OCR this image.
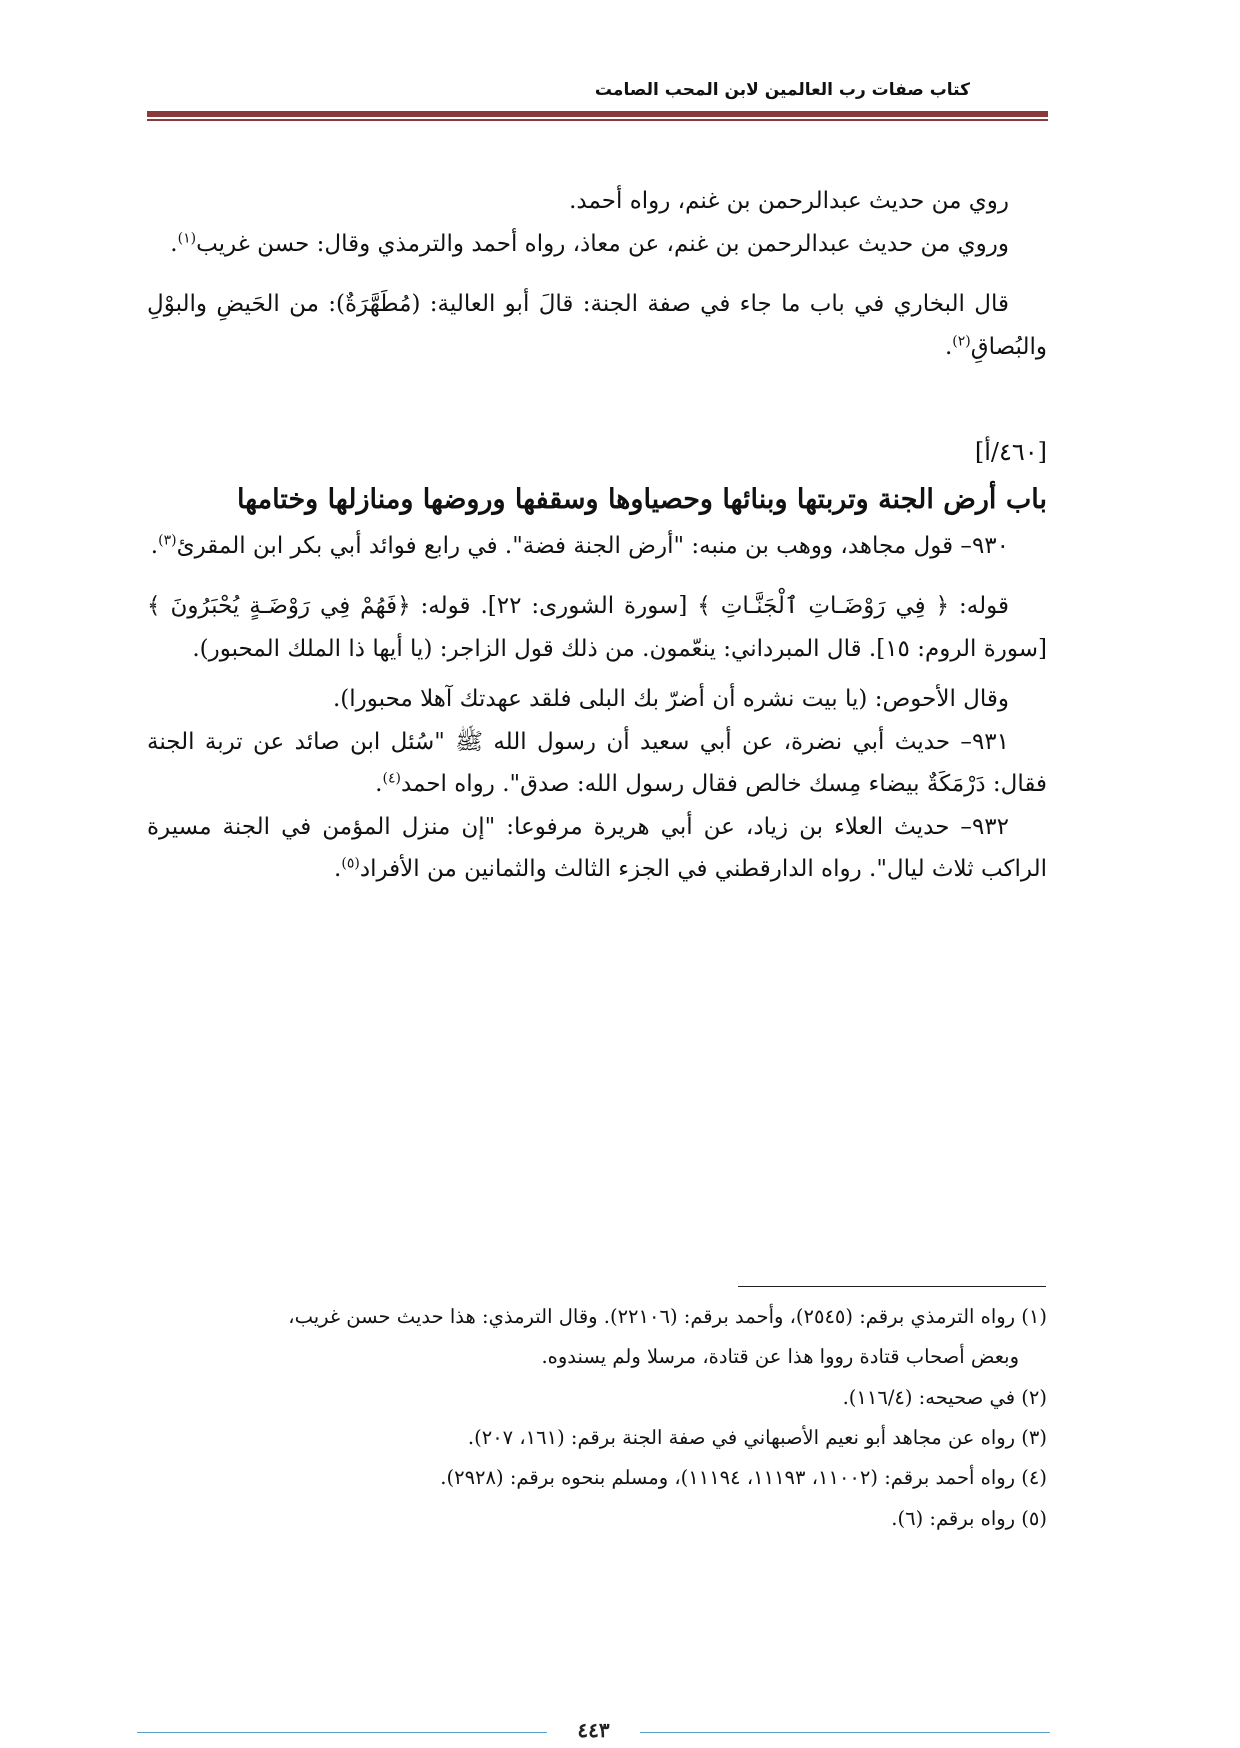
كتاب صفات رب العالمين لابن المحب الصامت

روي من حديث عبدالرحمن بن غنم، رواه أحمد.

وروي من حديث عبدالرحمن بن غنم، عن معاذ، رواه أحمد والترمذي وقال: حسن غريب$^{(١)}$.

قال البخاري في باب ما جاء في صفة الجنة: قالَ أبو العالية: (مُطَهَّرَةٌ): من الحَيضِ والبوْلِ والبُصاقِ$^{(٢)}$.

[٤٦٠/أ]

باب أرض الجنة وتربتها وبنائها وحصياوها وسقفها وروضها ومنازلها وختامها

٩٣٠– قول مجاهد، ووهب بن منبه: "أرض الجنة فضة". في رابع فوائد أبي بكر ابن المقرئ$^{(٣)}$.

قوله: ﴿ فِي رَوْضَـاتِ ٱلْجَنَّـاتِ ﴾ [سورة الشورى: ٢٢]. قوله: ﴿فَهُمْ فِي رَوْضَـةٍ يُحْبَرُونَ ﴾ [سورة الروم: ١٥]. قال المبرداني: ينعّمون. من ذلك قول الزاجر: (يا أيها ذا الملك المحبور).

وقال الأحوص: (يا بيت نشره أن أضرّ بك البلى فلقد عهدتك آهلا محبورا).

٩٣١– حديث أبي نضرة، عن أبي سعيد أن رسول الله ﷺ "سُئل ابن صائد عن تربة الجنة فقال: دَرْمَكَةٌ بيضاء مِسك خالص فقال رسول الله: صدق". رواه احمد$^{(٤)}$.

٩٣٢– حديث العلاء بن زياد، عن أبي هريرة مرفوعا: "إن منزل المؤمن في الجنة مسيرة الراكب ثلاث ليال". رواه الدارقطني في الجزء الثالث والثمانين من الأفراد$^{(٥)}$.

(١) رواه الترمذي برقم: (٢٥٤٥)، وأحمد برقم: (٢٢١٠٦). وقال الترمذي: هذا حديث حسن غريب،

وبعض أصحاب قتادة رووا هذا عن قتادة، مرسلا ولم يسندوه.

(٢) في صحيحه: (١١٦/٤).

(٣) رواه عن مجاهد أبو نعيم الأصبهاني في صفة الجنة برقم: (١٦١، ٢٠٧).

(٤) رواه أحمد برقم: (١١٠٠٢، ١١١٩٣، ١١١٩٤)، ومسلم بنحوه برقم: (٢٩٢٨).

(٥) رواه برقم: (٦).

٤٤٣
